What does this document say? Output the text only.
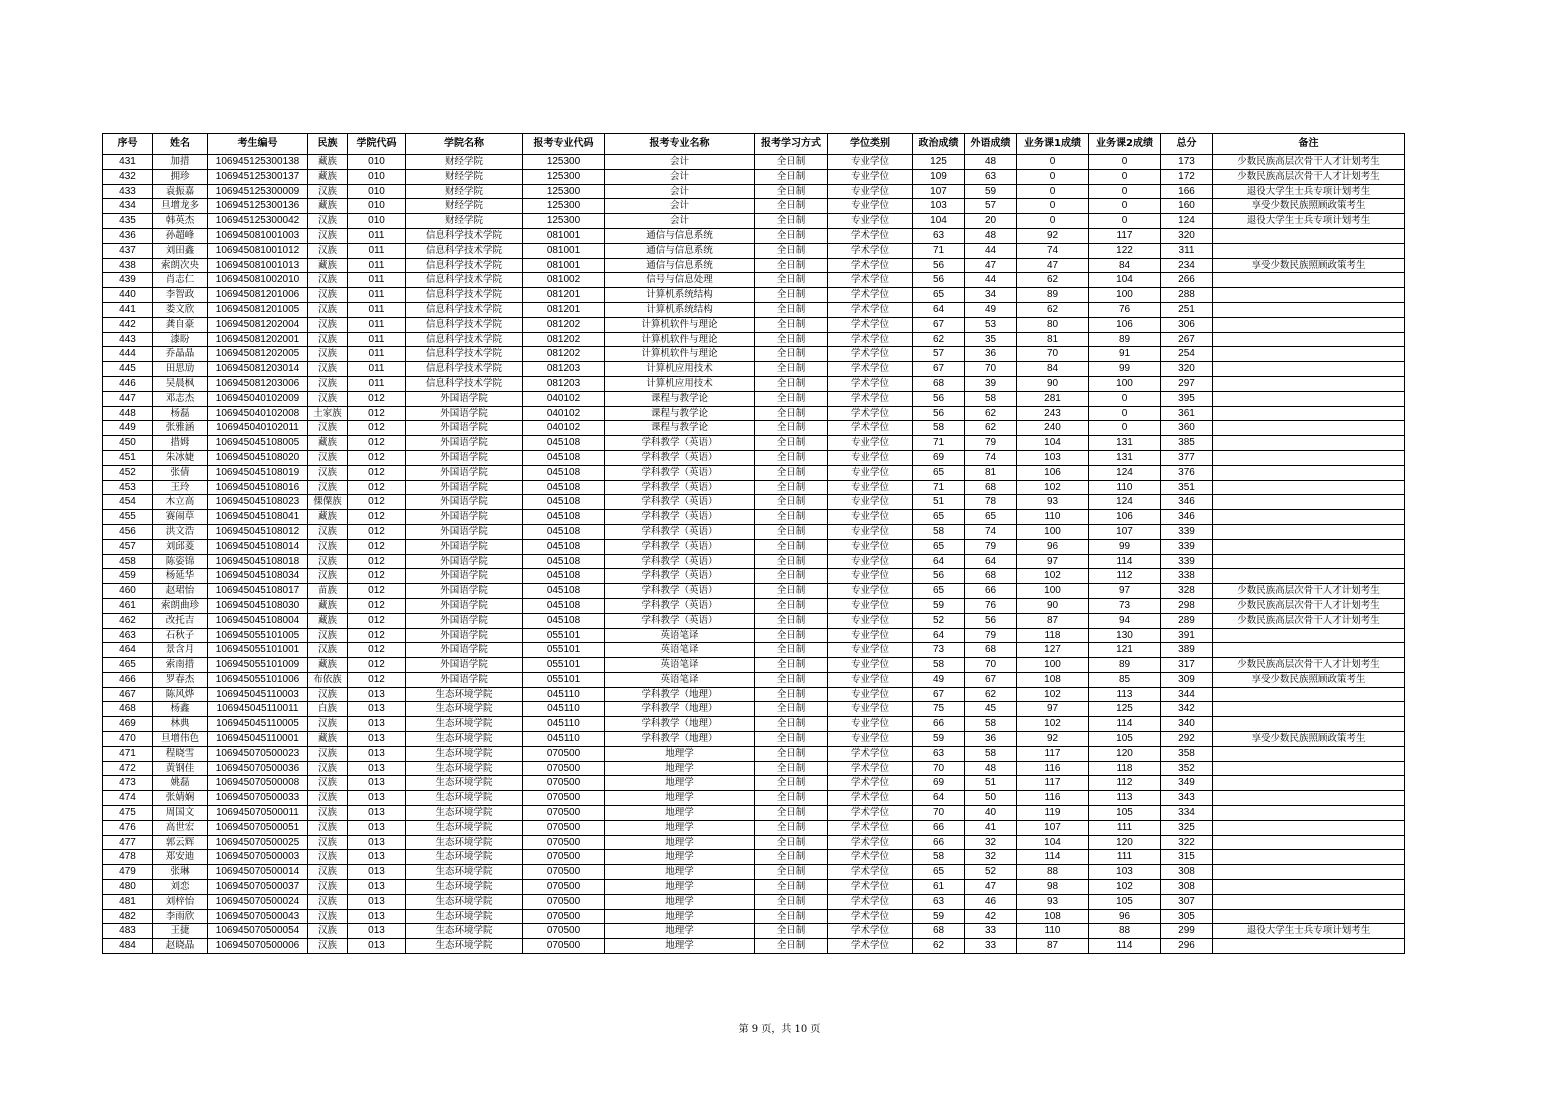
序号	姓名	考生编号	民族	学院代码	学院名称	报考专业代码	报考专业名称	报考学习方式	学位类别	政治成绩	外语成绩	业务课1成绩	业务课2成绩	总分	备注
431	加措	106945125300138	藏族	010	财经学院	125300	会计	全日制	专业学位	125	48	0	0	173	少数民族高层次骨干人才计划考生
432	拥珍	106945125300137	藏族	010	财经学院	125300	会计	全日制	专业学位	109	63	0	0	172	少数民族高层次骨干人才计划考生
433	袁振嘉	106945125300009	汉族	010	财经学院	125300	会计	全日制	专业学位	107	59	0	0	166	退役大学生士兵专项计划考生
434	旦增龙多	106945125300136	藏族	010	财经学院	125300	会计	全日制	专业学位	103	57	0	0	160	享受少数民族照顾政策考生
435	韩英杰	106945125300042	汉族	010	财经学院	125300	会计	全日制	专业学位	104	20	0	0	124	退役大学生士兵专项计划考生
436	孙超峰	106945081001003	汉族	011	信息科学技术学院	081001	通信与信息系统	全日制	学术学位	63	48	92	117	320	
437	刘田鑫	106945081001012	汉族	011	信息科学技术学院	081001	通信与信息系统	全日制	学术学位	71	44	74	122	311	
438	索朗次央	106945081001013	藏族	011	信息科学技术学院	081001	通信与信息系统	全日制	学术学位	56	47	47	84	234	享受少数民族照顾政策考生
439	肖志仁	106945081002010	汉族	011	信息科学技术学院	081002	信号与信息处理	全日制	学术学位	56	44	62	104	266	
440	李智政	106945081201006	汉族	011	信息科学技术学院	081201	计算机系统结构	全日制	学术学位	65	34	89	100	288	
441	娄文欣	106945081201005	汉族	011	信息科学技术学院	081201	计算机系统结构	全日制	学术学位	64	49	62	76	251	
442	龚自豪	106945081202004	汉族	011	信息科学技术学院	081202	计算机软件与理论	全日制	学术学位	67	53	80	106	306	
443	漆盼	106945081202001	汉族	011	信息科学技术学院	081202	计算机软件与理论	全日制	学术学位	62	35	81	89	267	
444	乔晶晶	106945081202005	汉族	011	信息科学技术学院	081202	计算机软件与理论	全日制	学术学位	57	36	70	91	254	
445	田思劢	106945081203014	汉族	011	信息科学技术学院	081203	计算机应用技术	全日制	学术学位	67	70	84	99	320	
446	吴晨枫	106945081203006	汉族	011	信息科学技术学院	081203	计算机应用技术	全日制	学术学位	68	39	90	100	297	
447	邓志杰	106945040102009	汉族	012	外国语学院	040102	课程与教学论	全日制	学术学位	56	58	281	0	395	
448	杨磊	106945040102008	土家族	012	外国语学院	040102	课程与教学论	全日制	学术学位	56	62	243	0	361	
449	张雅涵	106945040102011	汉族	012	外国语学院	040102	课程与教学论	全日制	学术学位	58	62	240	0	360	
450	措姆	106945045108005	藏族	012	外国语学院	045108	学科教学（英语）	全日制	专业学位	71	79	104	131	385	
451	朱冰婕	106945045108020	汉族	012	外国语学院	045108	学科教学（英语）	全日制	专业学位	69	74	103	131	377	
452	张倩	106945045108019	汉族	012	外国语学院	045108	学科教学（英语）	全日制	专业学位	65	81	106	124	376	
453	王玲	106945045108016	汉族	012	外国语学院	045108	学科教学（英语）	全日制	专业学位	71	68	102	110	351	
454	木立高	106945045108023	傈僳族	012	外国语学院	045108	学科教学（英语）	全日制	专业学位	51	78	93	124	346	
455	赛闹草	106945045108041	藏族	012	外国语学院	045108	学科教学（英语）	全日制	专业学位	65	65	110	106	346	
456	洪文浩	106945045108012	汉族	012	外国语学院	045108	学科教学（英语）	全日制	专业学位	58	74	100	107	339	
457	刘邱菱	106945045108014	汉族	012	外国语学院	045108	学科教学（英语）	全日制	专业学位	65	79	96	99	339	
458	陈姿锦	106945045108018	汉族	012	外国语学院	045108	学科教学（英语）	全日制	专业学位	64	64	97	114	339	
459	杨延华	106945045108034	汉族	012	外国语学院	045108	学科教学（英语）	全日制	专业学位	56	68	102	112	338	
460	赵珺怡	106945045108017	苗族	012	外国语学院	045108	学科教学（英语）	全日制	专业学位	65	66	100	97	328	少数民族高层次骨干人才计划考生
461	索朗曲珍	106945045108030	藏族	012	外国语学院	045108	学科教学（英语）	全日制	专业学位	59	76	90	73	298	少数民族高层次骨干人才计划考生
462	改托吉	106945045108004	藏族	012	外国语学院	045108	学科教学（英语）	全日制	专业学位	52	56	87	94	289	少数民族高层次骨干人才计划考生
463	石秋子	106945055101005	汉族	012	外国语学院	055101	英语笔译	全日制	专业学位	64	79	118	130	391	
464	景含月	106945055101001	汉族	012	外国语学院	055101	英语笔译	全日制	专业学位	73	68	127	121	389	
465	索南措	106945055101009	藏族	012	外国语学院	055101	英语笔译	全日制	专业学位	58	70	100	89	317	少数民族高层次骨干人才计划考生
466	罗春杰	106945055101006	布依族	012	外国语学院	055101	英语笔译	全日制	专业学位	49	67	108	85	309	享受少数民族照顾政策考生
467	陈风烨	106945045110003	汉族	013	生态环境学院	045110	学科教学（地理）	全日制	专业学位	67	62	102	113	344	
468	杨鑫	106945045110011	白族	013	生态环境学院	045110	学科教学（地理）	全日制	专业学位	75	45	97	125	342	
469	林典	106945045110005	汉族	013	生态环境学院	045110	学科教学（地理）	全日制	专业学位	66	58	102	114	340	
470	旦增伟色	106945045110001	藏族	013	生态环境学院	045110	学科教学（地理）	全日制	专业学位	59	36	92	105	292	享受少数民族照顾政策考生
471	程晓雪	106945070500023	汉族	013	生态环境学院	070500	地理学	全日制	学术学位	63	58	117	120	358	
472	黄钢佳	106945070500036	汉族	013	生态环境学院	070500	地理学	全日制	学术学位	70	48	116	118	352	
473	姚磊	106945070500008	汉族	013	生态环境学院	070500	地理学	全日制	学术学位	69	51	117	112	349	
474	张婧娴	106945070500033	汉族	013	生态环境学院	070500	地理学	全日制	学术学位	64	50	116	113	343	
475	周国文	106945070500011	汉族	013	生态环境学院	070500	地理学	全日制	学术学位	70	40	119	105	334	
476	高世宏	106945070500051	汉族	013	生态环境学院	070500	地理学	全日制	学术学位	66	41	107	111	325	
477	郭云辉	106945070500025	汉族	013	生态环境学院	070500	地理学	全日制	学术学位	66	32	104	120	322	
478	郑安迪	106945070500003	汉族	013	生态环境学院	070500	地理学	全日制	学术学位	58	32	114	111	315	
479	张琳	106945070500014	汉族	013	生态环境学院	070500	地理学	全日制	学术学位	65	52	88	103	308	
480	刘恋	106945070500037	汉族	013	生态环境学院	070500	地理学	全日制	学术学位	61	47	98	102	308	
481	刘梓怡	106945070500024	汉族	013	生态环境学院	070500	地理学	全日制	学术学位	63	46	93	105	307	
482	李雨欣	106945070500043	汉族	013	生态环境学院	070500	地理学	全日制	学术学位	59	42	108	96	305	
483	王捷	106945070500054	汉族	013	生态环境学院	070500	地理学	全日制	学术学位	68	33	110	88	299	退役大学生士兵专项计划考生
484	赵晓晶	106945070500006	汉族	013	生态环境学院	070500	地理学	全日制	学术学位	62	33	87	114	296	
第 9 页，共 10 页
